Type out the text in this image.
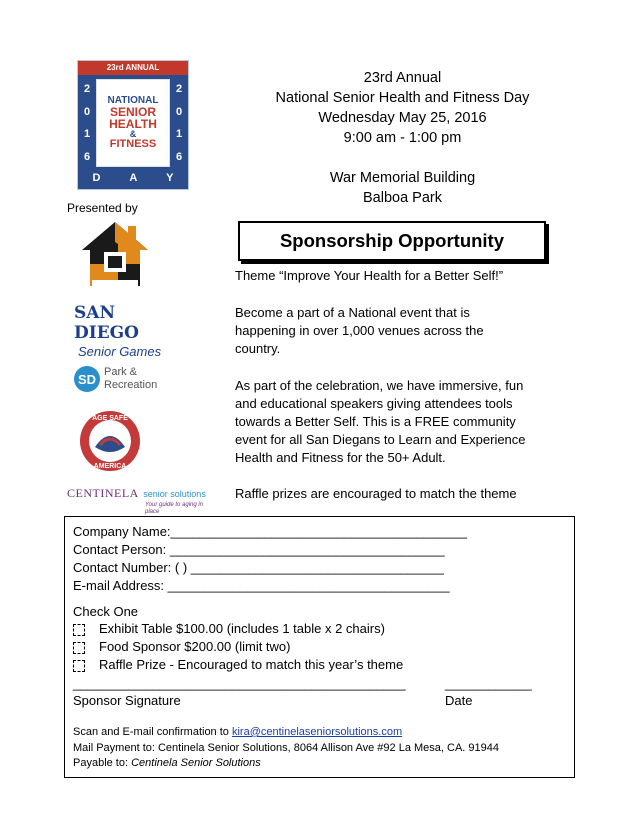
23rd ANNUAL
2
0
1
6
2
0
1
6
NATIONAL
SENIOR
HEALTH
&
FITNESS
D	A	Y
Presented by
23rd Annual
National Senior Health and Fitness Day
Wednesday May 25, 2016
9:00 am - 1:00 pm
War Memorial Building
Balboa Park
Sponsorship Opportunity
Theme “Improve Your Health for a Better Self!”
Become a part of a National event that is
happening in over 1,000 venues across the
country.
As part of the celebration, we have immersive, fun
and educational speakers giving attendees tools
towards a Better Self. This is a FREE community
event for all San Diegans to Learn and Experience
Health and Fitness for the 50+ Adult.
Raffle prizes are encouraged to match the theme
SAN DIEGO
Senior Games
SD Park &
Recreation
AGE SAFE
AMERICA
CENTINELA senior solutions
Your guide to aging in place
Company Name:_________________________________________
Contact Person: ______________________________________
Contact Number: ( ) ___________________________________
E-mail Address: _______________________________________
Check One
Exhibit Table $100.00 (includes 1 table x 2 chairs)
Food Sponsor $200.00 (limit two)
Raffle Prize - Encouraged to match this year’s theme
______________________________________________	____________
Sponsor Signature	Date
Scan and E-mail confirmation to kira@centinelaseniorsolutions.com
Mail Payment to: Centinela Senior Solutions, 8064 Allison Ave #92 La Mesa, CA. 91944
Payable to: Centinela Senior Solutions
